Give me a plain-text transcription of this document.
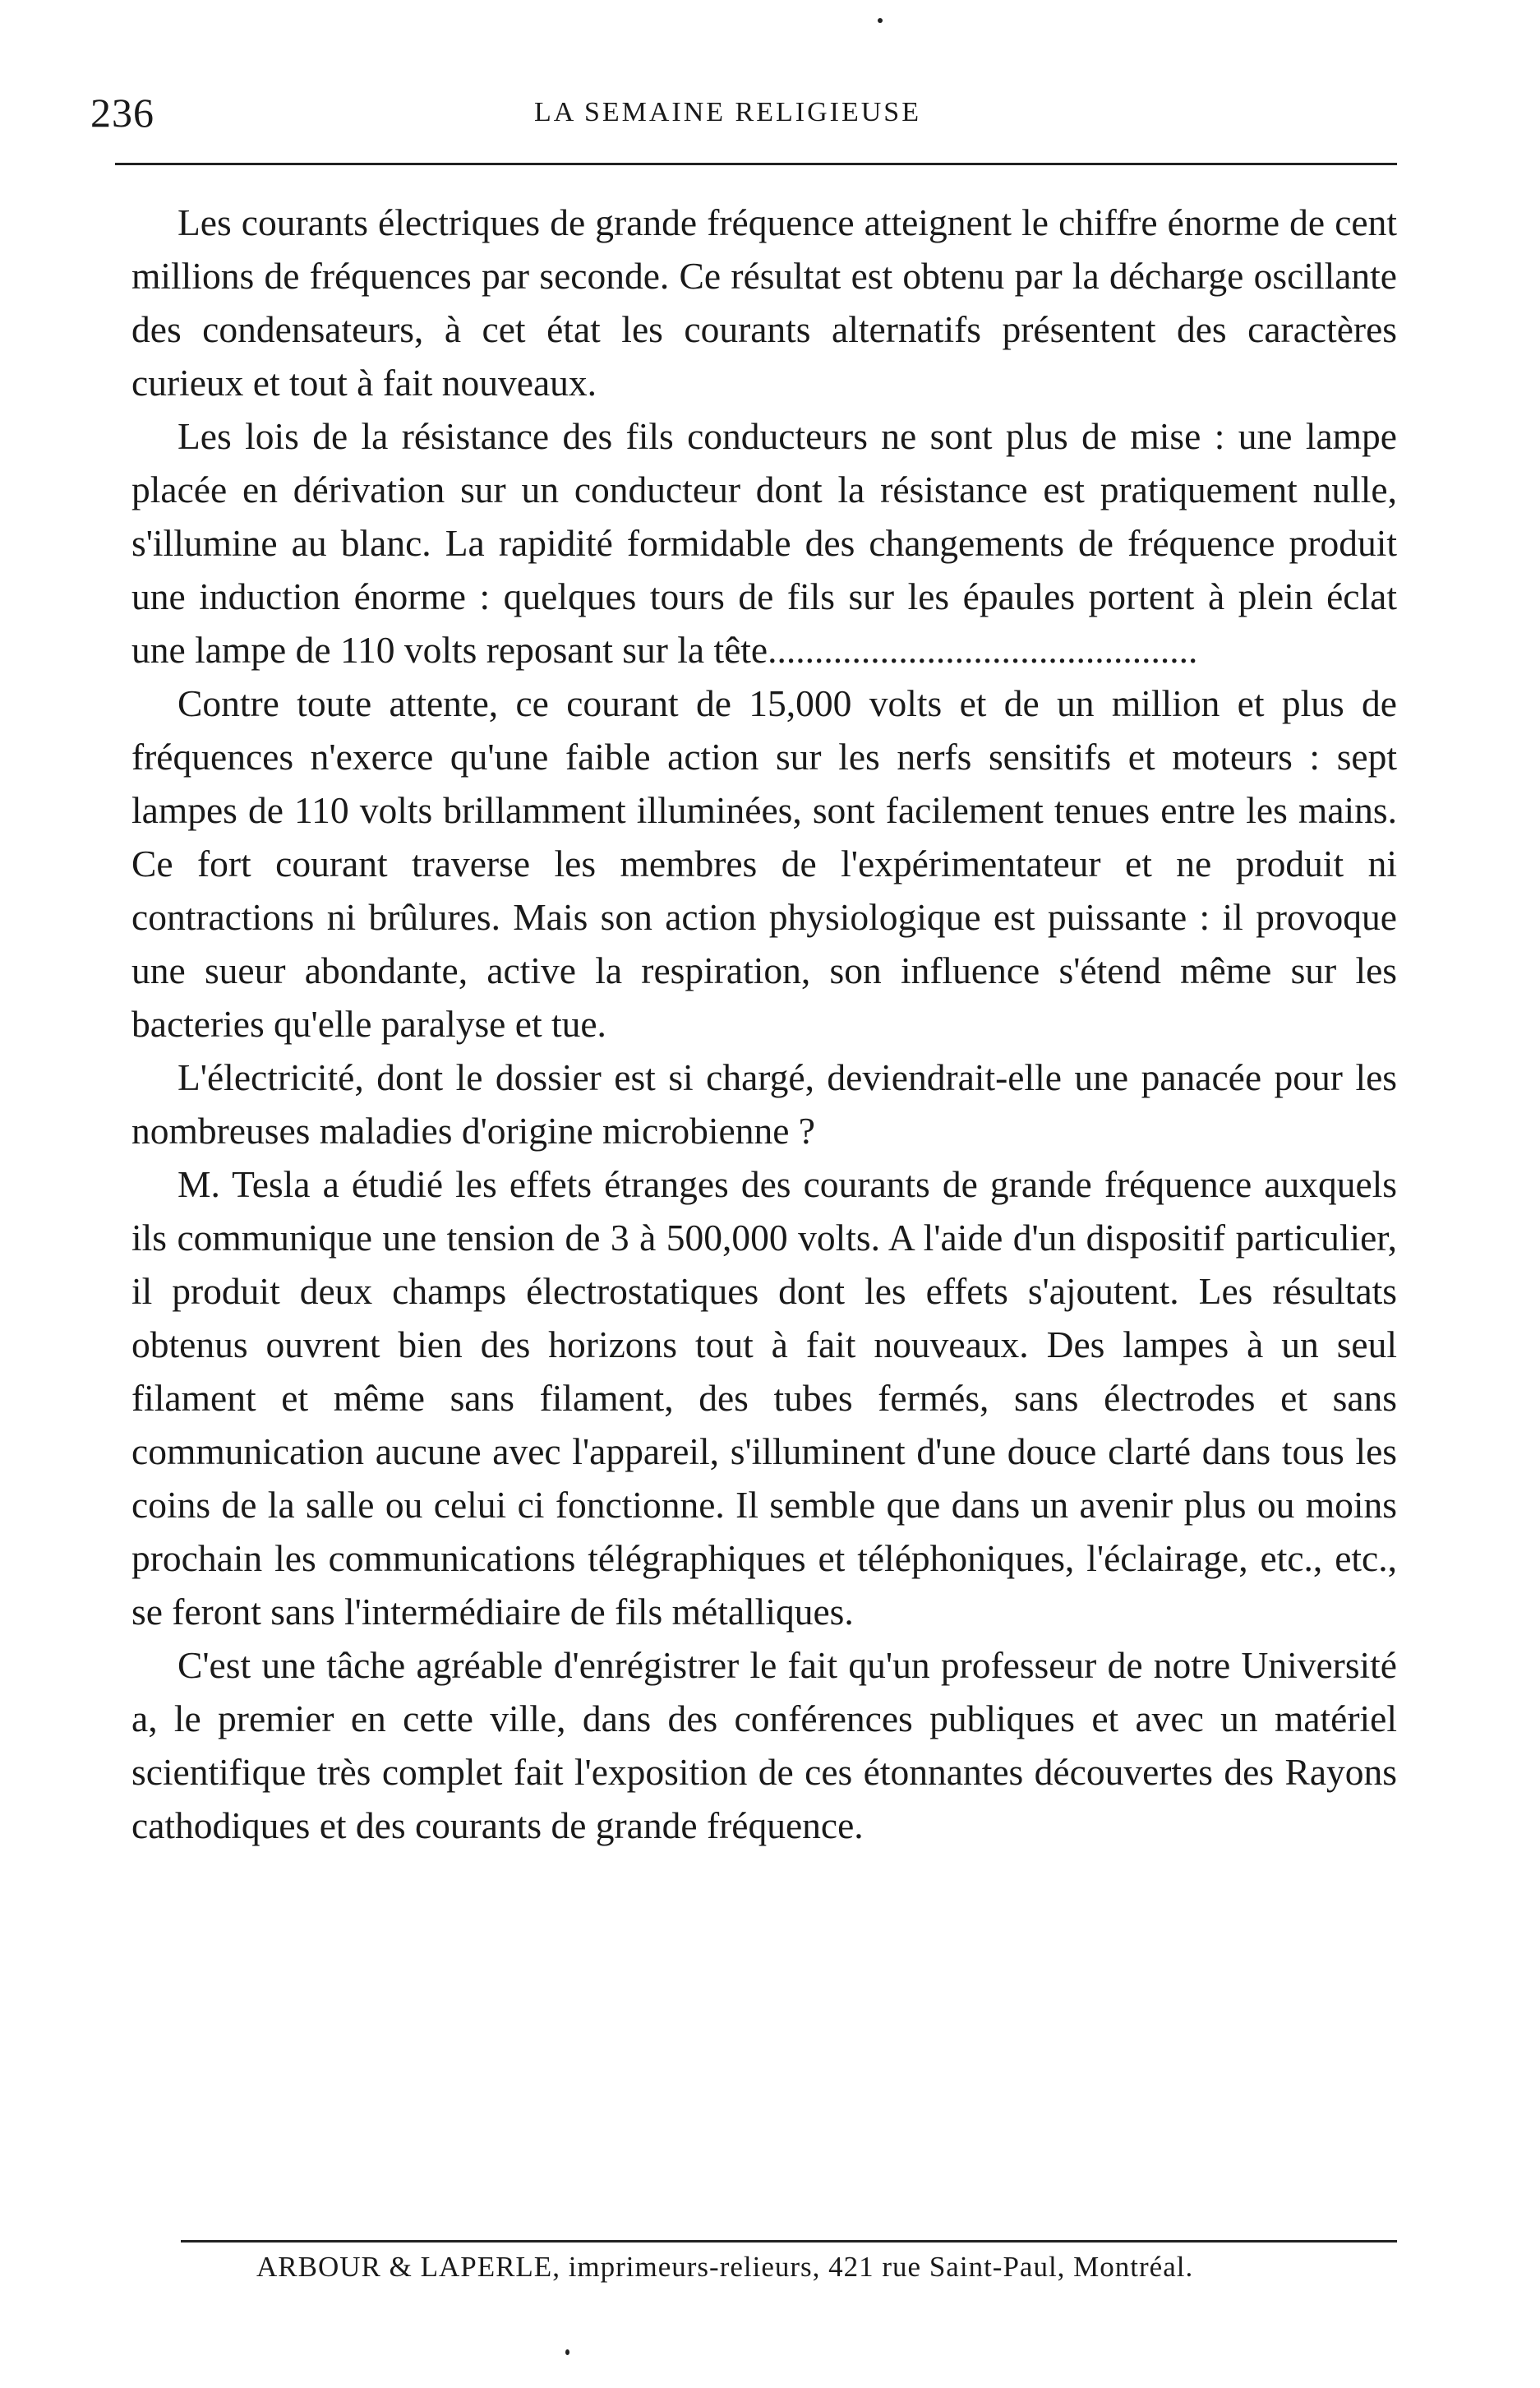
236	LA SEMAINE RELIGIEUSE

Les courants électriques de grande fréquence atteignent le chiffre énorme de cent millions de fréquences par seconde. Ce résultat est obtenu par la décharge oscillante des condensateurs, à cet état les courants alternatifs présentent des caractères curieux et tout à fait nouveaux.

Les lois de la résistance des fils conducteurs ne sont plus de mise : une lampe placée en dérivation sur un conducteur dont la résistance est pratiquement nulle, s'illumine au blanc. La rapidité formidable des changements de fréquence produit une induction énorme : quelques tours de fils sur les épaules portent à plein éclat une lampe de 110 volts reposant sur la tête..............................................

Contre toute attente, ce courant de 15,000 volts et de un million et plus de fréquences n'exerce qu'une faible action sur les nerfs sensitifs et moteurs : sept lampes de 110 volts brillamment illuminées, sont facilement tenues entre les mains. Ce fort courant traverse les membres de l'expérimentateur et ne produit ni contractions ni brûlures. Mais son action physiologique est puissante : il provoque une sueur abondante, active la respiration, son influence s'étend même sur les bacteries qu'elle paralyse et tue.

L'électricité, dont le dossier est si chargé, deviendrait-elle une panacée pour les nombreuses maladies d'origine microbienne ?

M. Tesla a étudié les effets étranges des courants de grande fréquence auxquels ils communique une tension de 3 à 500,000 volts. A l'aide d'un dispositif particulier, il produit deux champs électrostatiques dont les effets s'ajoutent. Les résultats obtenus ouvrent bien des horizons tout à fait nouveaux. Des lampes à un seul filament et même sans filament, des tubes fermés, sans électrodes et sans communication aucune avec l'appareil, s'illuminent d'une douce clarté dans tous les coins de la salle ou celui ci fonctionne. Il semble que dans un avenir plus ou moins prochain les communications télégraphiques et téléphoniques, l'éclairage, etc., etc., se feront sans l'intermédiaire de fils métalliques.

C'est une tâche agréable d'enrégistrer le fait qu'un professeur de notre Université a, le premier en cette ville, dans des conférences publiques et avec un matériel scientifique très complet fait l'exposition de ces étonnantes découvertes des Rayons cathodiques et des courants de grande fréquence.

ARBOUR & LAPERLE, imprimeurs-relieurs, 421 rue Saint-Paul, Montréal.
